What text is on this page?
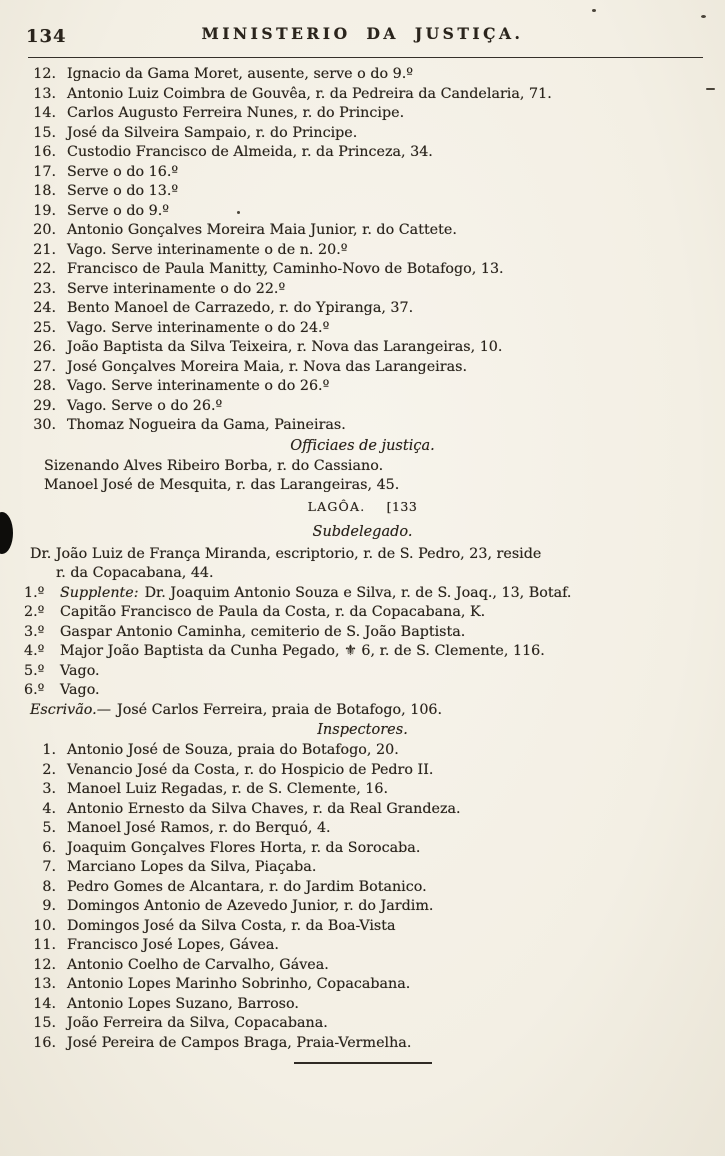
134	MINISTERIO DA JUSTIÇA.
12. Ignacio da Gama Moret, ausente, serve o do 9.º
13. Antonio Luiz Coimbra de Gouvêa, r. da Pedreira da Candelaria, 71.
14. Carlos Augusto Ferreira Nunes, r. do Principe.
15. José da Silveira Sampaio, r. do Principe.
16. Custodio Francisco de Almeida, r. da Princeza, 34.
17. Serve o do 16.º
18. Serve o do 13.º
19. Serve o do 9.º
20. Antonio Gonçalves Moreira Maia Junior, r. do Cattete.
21. Vago. Serve interinamente o de n. 20.º
22. Francisco de Paula Manitty, Caminho-Novo de Botafogo, 13.
23. Serve interinamente o do 22.º
24. Bento Manoel de Carrazedo, r. do Ypiranga, 37.
25. Vago. Serve interinamente o do 24.º
26. João Baptista da Silva Teixeira, r. Nova das Larangeiras, 10.
27. José Gonçalves Moreira Maia, r. Nova das Larangeiras.
28. Vago. Serve interinamente o do 26.º
29. Vago. Serve o do 26.º
30. Thomaz Nogueira da Gama, Paineiras.
Officiaes de justiça.
Sizenando Alves Ribeiro Borba, r. do Cassiano.
Manoel José de Mesquita, r. das Larangeiras, 45.
LAGÔA. [133
Subdelegado.
Dr. João Luiz de França Miranda, escriptorio, r. de S. Pedro, 23, reside
r. da Copacabana, 44.
1.º	Supplente: Dr. Joaquim Antonio Souza e Silva, r. de S. Joaq., 13, Botaf.
2.º	Capitão Francisco de Paula da Costa, r. da Copacabana, K.
3.º	Gaspar Antonio Caminha, cemiterio de S. João Baptista.
4.º	Major João Baptista da Cunha Pegado, ⚜ 6, r. de S. Clemente, 116.
5.º	Vago.
6.º	Vago.
Escrivão.— José Carlos Ferreira, praia de Botafogo, 106.
Inspectores.
1. Antonio José de Souza, praia do Botafogo, 20.
2. Venancio José da Costa, r. do Hospicio de Pedro II.
3. Manoel Luiz Regadas, r. de S. Clemente, 16.
4. Antonio Ernesto da Silva Chaves, r. da Real Grandeza.
5. Manoel José Ramos, r. do Berquó, 4.
6. Joaquim Gonçalves Flores Horta, r. da Sorocaba.
7. Marciano Lopes da Silva, Piaçaba.
8. Pedro Gomes de Alcantara, r. do Jardim Botanico.
9. Domingos Antonio de Azevedo Junior, r. do Jardim.
10. Domingos José da Silva Costa, r. da Boa-Vista
11. Francisco José Lopes, Gávea.
12. Antonio Coelho de Carvalho, Gávea.
13. Antonio Lopes Marinho Sobrinho, Copacabana.
14. Antonio Lopes Suzano, Barroso.
15. João Ferreira da Silva, Copacabana.
16. José Pereira de Campos Braga, Praia-Vermelha.
